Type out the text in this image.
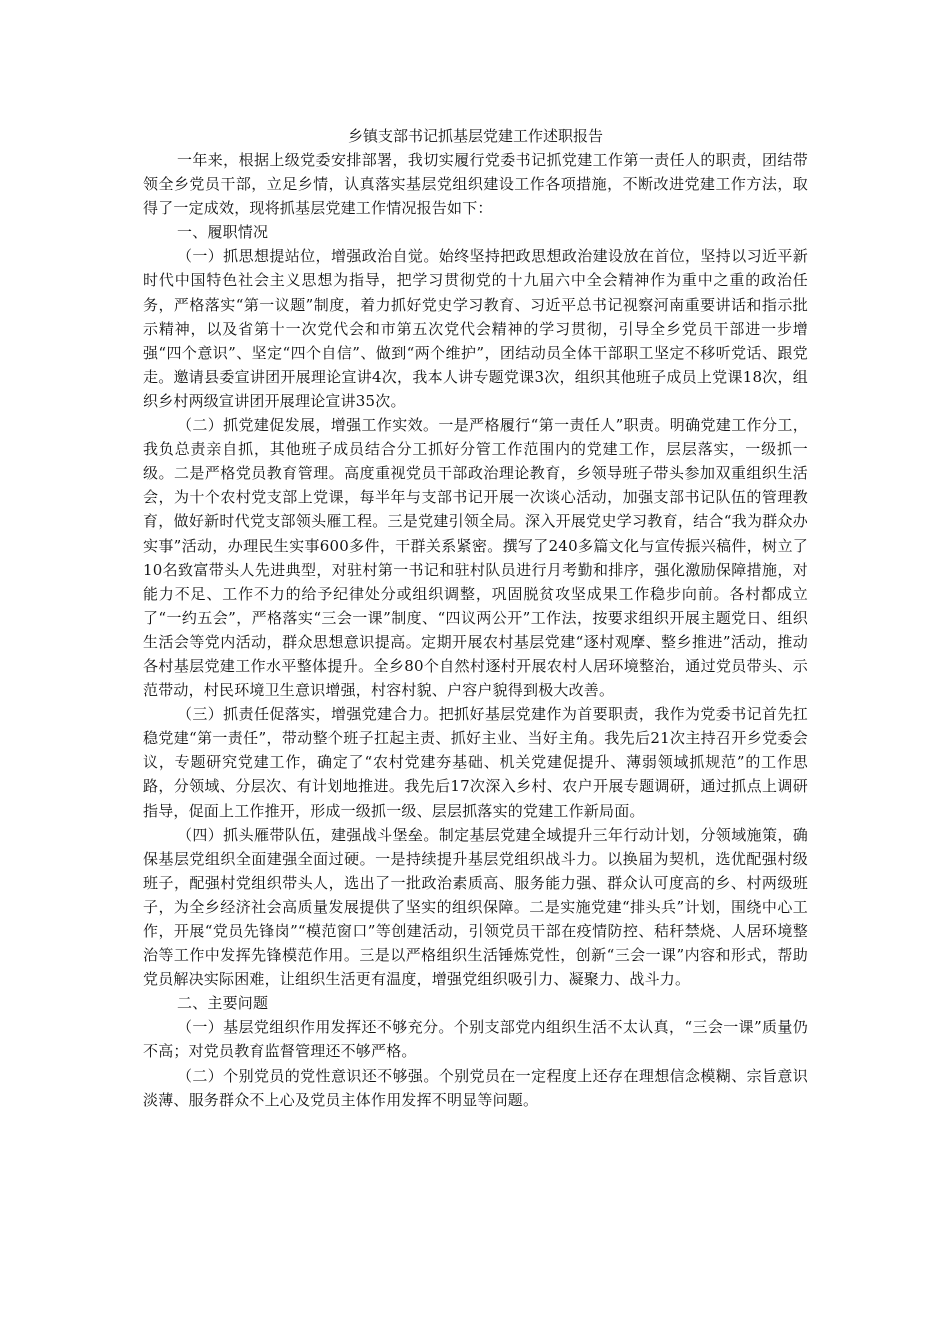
乡镇支部书记抓基层党建工作述职报告

一年来，根据上级党委安排部署，我切实履行党委书记抓党建工作第一责任人的职责，团结带领全乡党员干部，立足乡情，认真落实基层党组织建设工作各项措施，不断改进党建工作方法，取得了一定成效，现将抓基层党建工作情况报告如下：

一、履职情况

（一）抓思想提站位，增强政治自觉。始终坚持把政思想政治建设放在首位，坚持以习近平新时代中国特色社会主义思想为指导，把学习贯彻党的十九届六中全会精神作为重中之重的政治任务，严格落实“第一议题”制度，着力抓好党史学习教育、习近平总书记视察河南重要讲话和指示批示精神，以及省第十一次党代会和市第五次党代会精神的学习贯彻，引导全乡党员干部进一步增强“四个意识”、坚定“四个自信”、做到“两个维护”，团结动员全体干部职工坚定不移听党话、跟党走。邀请县委宣讲团开展理论宣讲4次，我本人讲专题党课3次，组织其他班子成员上党课18次，组织乡村两级宣讲团开展理论宣讲35次。

（二）抓党建促发展，增强工作实效。一是严格履行“第一责任人”职责。明确党建工作分工，我负总责亲自抓，其他班子成员结合分工抓好分管工作范围内的党建工作，层层落实，一级抓一级。二是严格党员教育管理。高度重视党员干部政治理论教育，乡领导班子带头参加双重组织生活会，为十个农村党支部上党课，每半年与支部书记开展一次谈心活动，加强支部书记队伍的管理教育，做好新时代党支部领头雁工程。三是党建引领全局。深入开展党史学习教育，结合“我为群众办实事”活动，办理民生实事600多件，干群关系紧密。撰写了240多篇文化与宣传振兴稿件，树立了10名致富带头人先进典型，对驻村第一书记和驻村队员进行月考勤和排序，强化激励保障措施，对能力不足、工作不力的给予纪律处分或组织调整，巩固脱贫攻坚成果工作稳步向前。各村都成立了“一约五会”，严格落实“三会一课”制度、“四议两公开”工作法，按要求组织开展主题党日、组织生活会等党内活动，群众思想意识提高。定期开展农村基层党建“逐村观摩、整乡推进”活动，推动各村基层党建工作水平整体提升。全乡80个自然村逐村开展农村人居环境整治，通过党员带头、示范带动，村民环境卫生意识增强，村容村貌、户容户貌得到极大改善。

（三）抓责任促落实，增强党建合力。把抓好基层党建作为首要职责，我作为党委书记首先扛稳党建“第一责任”，带动整个班子扛起主责、抓好主业、当好主角。我先后21次主持召开乡党委会议，专题研究党建工作，确定了“农村党建夯基础、机关党建促提升、薄弱领域抓规范”的工作思路，分领域、分层次、有计划地推进。我先后17次深入乡村、农户开展专题调研，通过抓点上调研指导，促面上工作推开，形成一级抓一级、层层抓落实的党建工作新局面。

（四）抓头雁带队伍，建强战斗堡垒。制定基层党建全域提升三年行动计划，分领域施策，确保基层党组织全面建强全面过硬。一是持续提升基层党组织战斗力。以换届为契机，选优配强村级班子，配强村党组织带头人，选出了一批政治素质高、服务能力强、群众认可度高的乡、村两级班子，为全乡经济社会高质量发展提供了坚实的组织保障。二是实施党建“排头兵”计划，围绕中心工作，开展“党员先锋岗”“模范窗口”等创建活动，引领党员干部在疫情防控、秸秆禁烧、人居环境整治等工作中发挥先锋模范作用。三是以严格组织生活锤炼党性，创新“三会一课”内容和形式，帮助党员解决实际困难，让组织生活更有温度，增强党组织吸引力、凝聚力、战斗力。

二、主要问题

（一）基层党组织作用发挥还不够充分。个别支部党内组织生活不太认真，“三会一课”质量仍不高；对党员教育监督管理还不够严格。

（二）个别党员的党性意识还不够强。个别党员在一定程度上还存在理想信念模糊、宗旨意识淡薄、服务群众不上心及党员主体作用发挥不明显等问题。
